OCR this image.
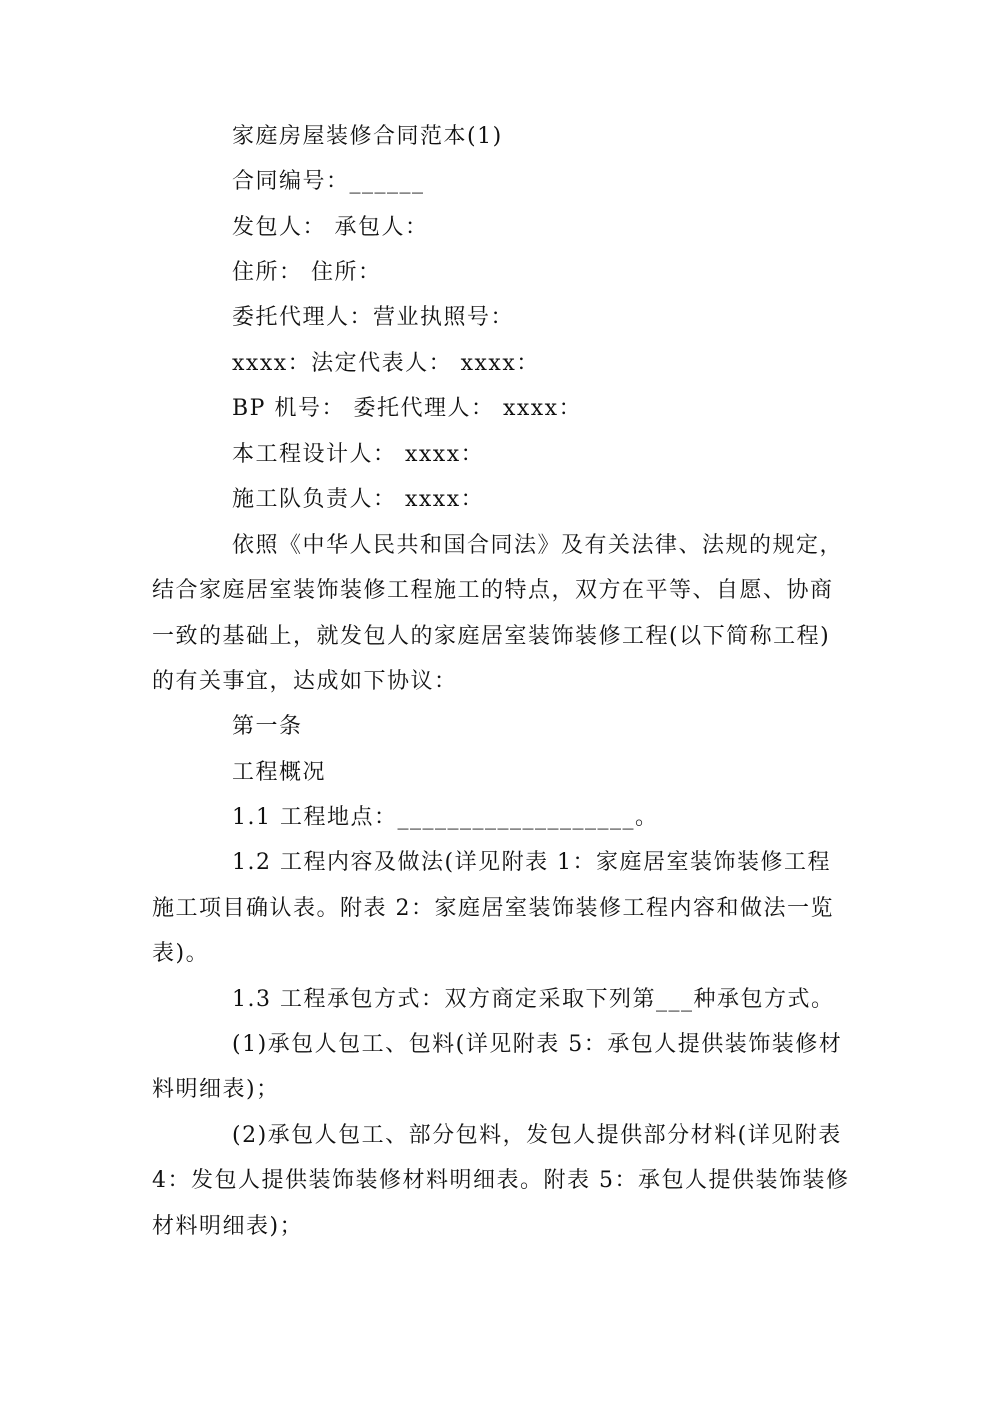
家庭房屋装修合同范本(1)
合同编号：______
发包人： 承包人：
住所： 住所：
委托代理人：营业执照号：
xxxx：法定代表人： xxxx：
BP 机号： 委托代理人： xxxx：
本工程设计人： xxxx：
施工队负责人： xxxx：
依照《中华人民共和国合同法》及有关法律、法规的规定，
结合家庭居室装饰装修工程施工的特点，双方在平等、自愿、协商
一致的基础上，就发包人的家庭居室装饰装修工程(以下简称工程)
的有关事宜，达成如下协议：
第一条
工程概况
1.1 工程地点：___________________。
1.2 工程内容及做法(详见附表 1：家庭居室装饰装修工程
施工项目确认表。附表 2：家庭居室装饰装修工程内容和做法一览
表)。
1.3 工程承包方式：双方商定采取下列第___种承包方式。
(1)承包人包工、包料(详见附表 5：承包人提供装饰装修材
料明细表)；
(2)承包人包工、部分包料，发包人提供部分材料(详见附表
4：发包人提供装饰装修材料明细表。附表 5：承包人提供装饰装修
材料明细表)；
